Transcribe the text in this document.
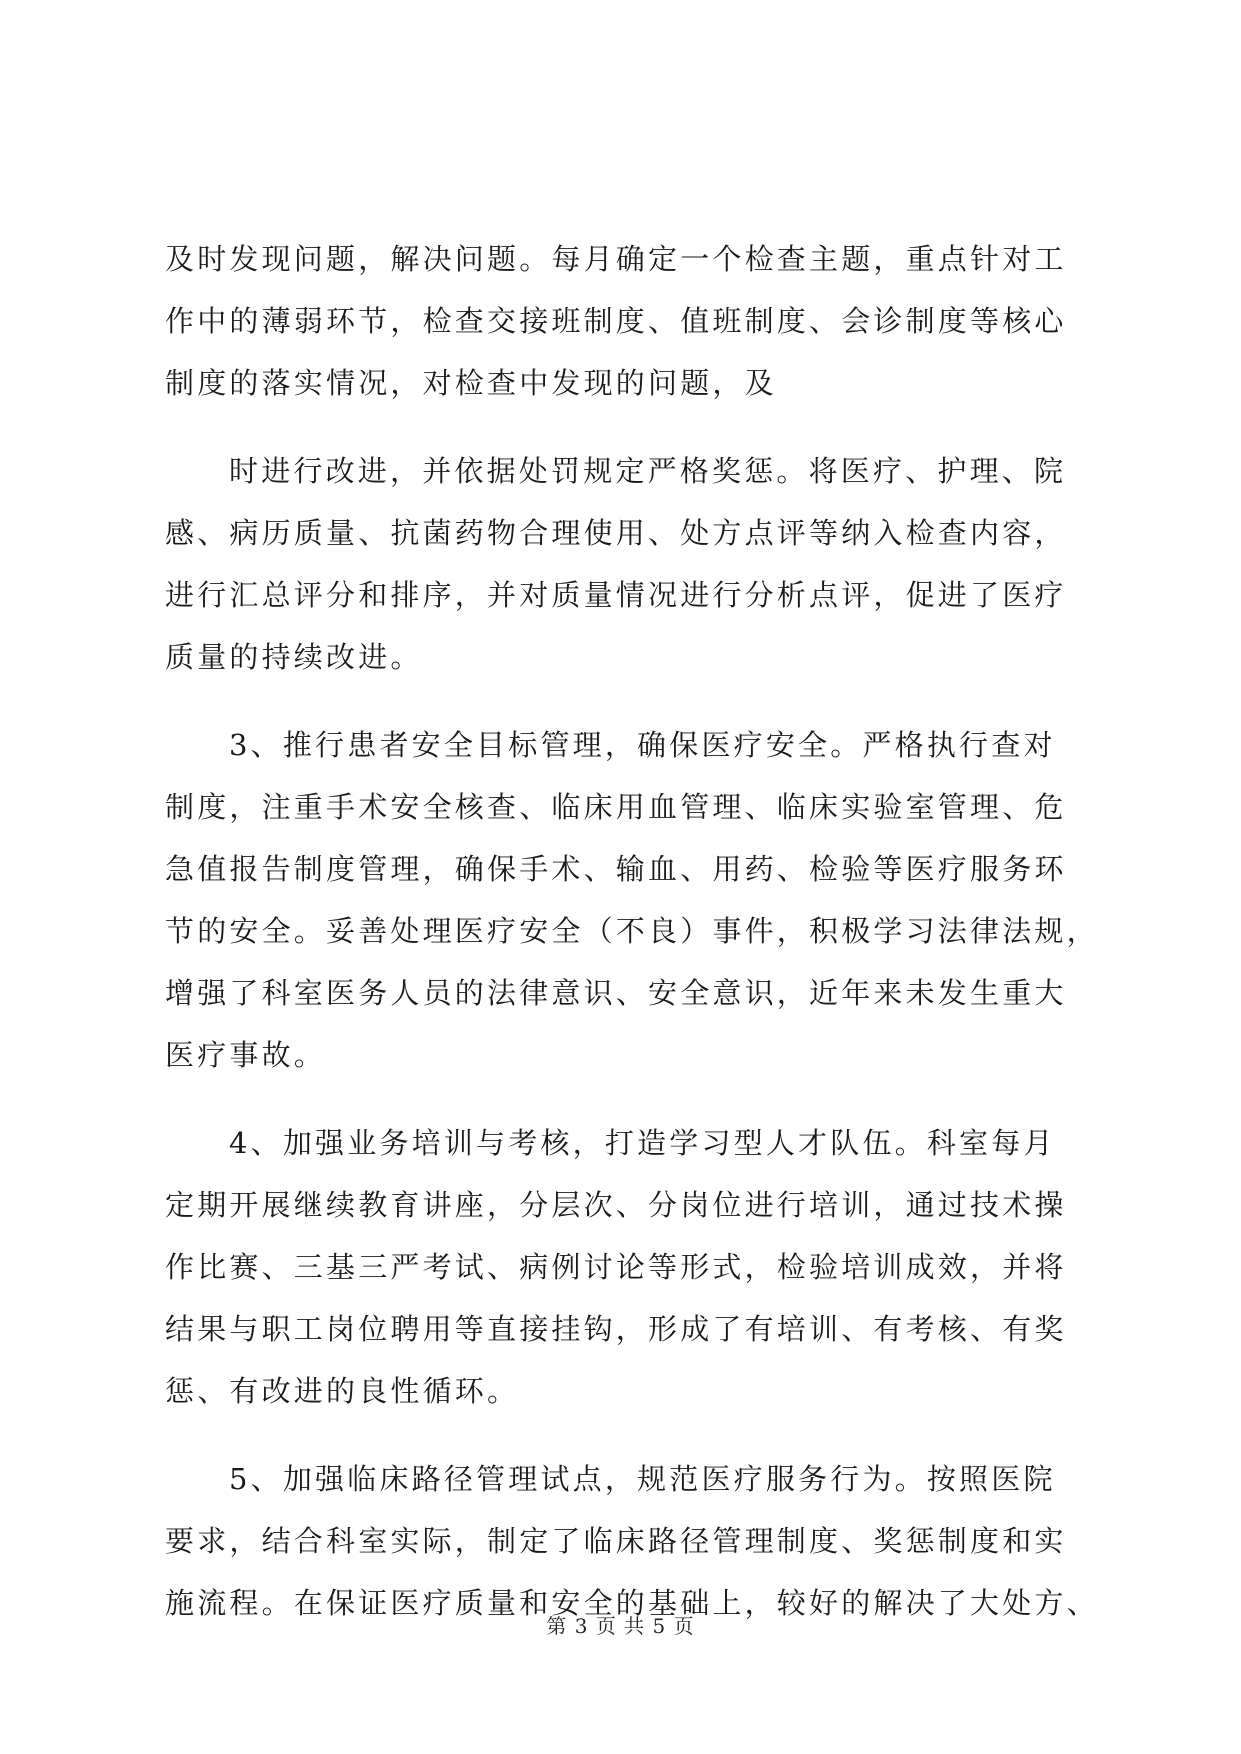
及时发现问题，解决问题。每月确定一个检查主题，重点针对工
作中的薄弱环节，检查交接班制度、值班制度、会诊制度等核心
制度的落实情况，对检查中发现的问题，及
时进行改进，并依据处罚规定严格奖惩。将医疗、护理、院
感、病历质量、抗菌药物合理使用、处方点评等纳入检查内容，
进行汇总评分和排序，并对质量情况进行分析点评，促进了医疗
质量的持续改进。
3、推行患者安全目标管理，确保医疗安全。严格执行查对
制度，注重手术安全核查、临床用血管理、临床实验室管理、危
急值报告制度管理，确保手术、输血、用药、检验等医疗服务环
节的安全。妥善处理医疗安全（不良）事件，积极学习法律法规，
增强了科室医务人员的法律意识、安全意识，近年来未发生重大
医疗事故。
4、加强业务培训与考核，打造学习型人才队伍。科室每月
定期开展继续教育讲座，分层次、分岗位进行培训，通过技术操
作比赛、三基三严考试、病例讨论等形式，检验培训成效，并将
结果与职工岗位聘用等直接挂钩，形成了有培训、有考核、有奖
惩、有改进的良性循环。
5、加强临床路径管理试点，规范医疗服务行为。按照医院
要求，结合科室实际，制定了临床路径管理制度、奖惩制度和实
施流程。在保证医疗质量和安全的基础上，较好的解决了大处方、
第 3 页 共 5 页
